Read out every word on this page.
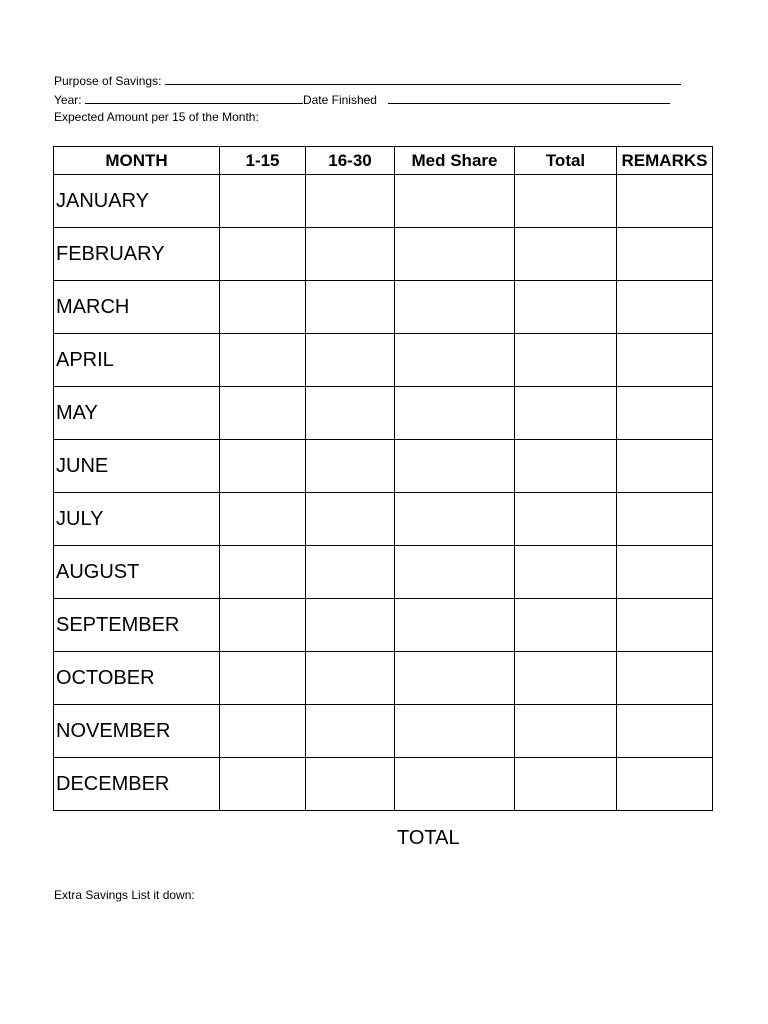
Purpose of Savings:
Year:	Date Finished
Expected Amount per 15 of the Month:
MONTH	1-15	16-30	Med Share	Total	REMARKS
JANUARY					
FEBRUARY					
MARCH					
APRIL					
MAY					
JUNE					
JULY					
AUGUST					
SEPTEMBER					
OCTOBER					
NOVEMBER					
DECEMBER					
TOTAL
Extra Savings List it down:
